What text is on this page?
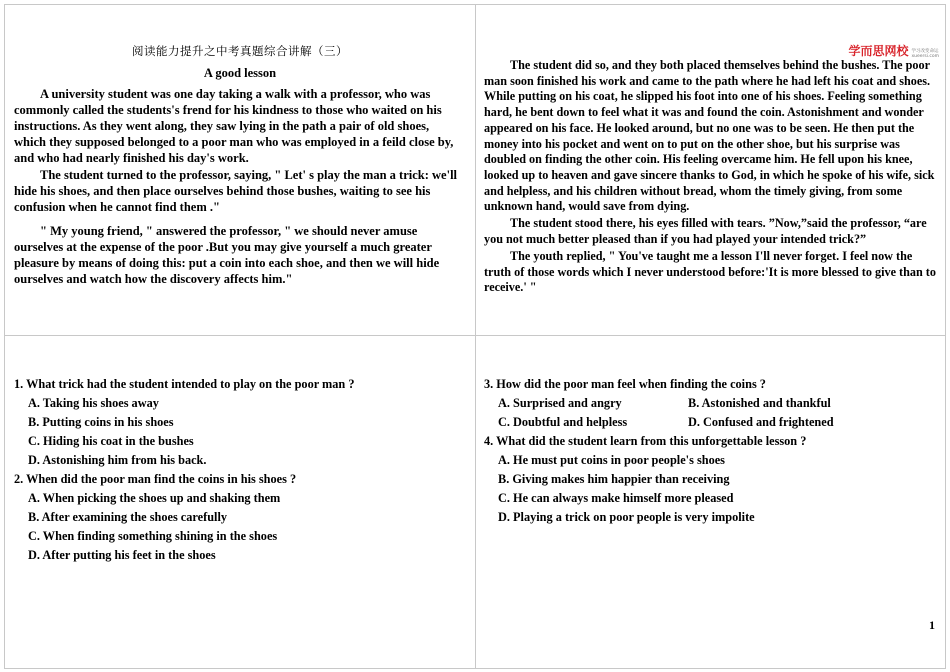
阅读能力提升之中考真题综合讲解（三）
A good lesson

A university student was one day taking a walk with a professor, who was commonly called the students's frend for his kindness to those who waited on his instructions. As they went along, they saw lying in the path a pair of old shoes, which they supposed belonged to a poor man who was employed in a feild close by, and who had nearly finished his day's work.

The student turned to the professor, saying, " Let' s play the man a trick: we'll hide his shoes, and then place ourselves behind those bushes, waiting to see his confusion when he cannot find them ."

" My young friend, " answered the professor, " we should never amuse ourselves at the expense of the poor .But you may give yourself a much greater pleasure by means of doing this: put a coin into each shoe, and then we will hide ourselves and watch how the discovery affects him."

学而思网校 学习改变命运
xueersi.com

The student did so, and they both placed themselves behind the bushes. The poor man soon finished his work and came to the path where he had left his coat and shoes. While putting on his coat, he slipped his foot into one of his shoes. Feeling something hard, he bent down to feel what it was and found the coin. Astonishment and wonder appeared on his face. He looked around, but no one was to be seen. He then put the money into his pocket and went on to put on the other shoe, but his surprise was doubled on finding the other coin. His feeling overcame him. He fell upon his knee, looked up to heaven and gave sincere thanks to God, in which he spoke of his wife, sick and helpless, and his children without bread, whom the timely giving, from some unknown hand, would save from dying.

The student stood there, his eyes filled with tears. ”Now,”said the professor, “are you not much better pleased than if you had played your intended trick?”

The youth replied, " You've taught me a lesson I'll never forget. I feel now the truth of those words which I never understood before:'It is more blessed to give than to receive.' "

1. What trick had the student intended to play on the poor man ?
A. Taking his shoes away
B. Putting coins in his shoes
C. Hiding his coat in the bushes
D. Astonishing him from his back.
2. When did the poor man find the coins in his shoes ?
A. When picking the shoes up and shaking them
B. After examining the shoes carefully
C. When finding something shining in the shoes
D. After putting his feet in the shoes
3. How did the poor man feel when finding the coins ?
A. Surprised and angry	B. Astonished and thankful
C. Doubtful and helpless	D. Confused and frightened
4. What did the student learn from this unforgettable lesson ?
A. He must put coins in poor people's shoes
B. Giving makes him happier than receiving
C. He can always make himself more pleased
D. Playing a trick on poor people is very impolite
1
